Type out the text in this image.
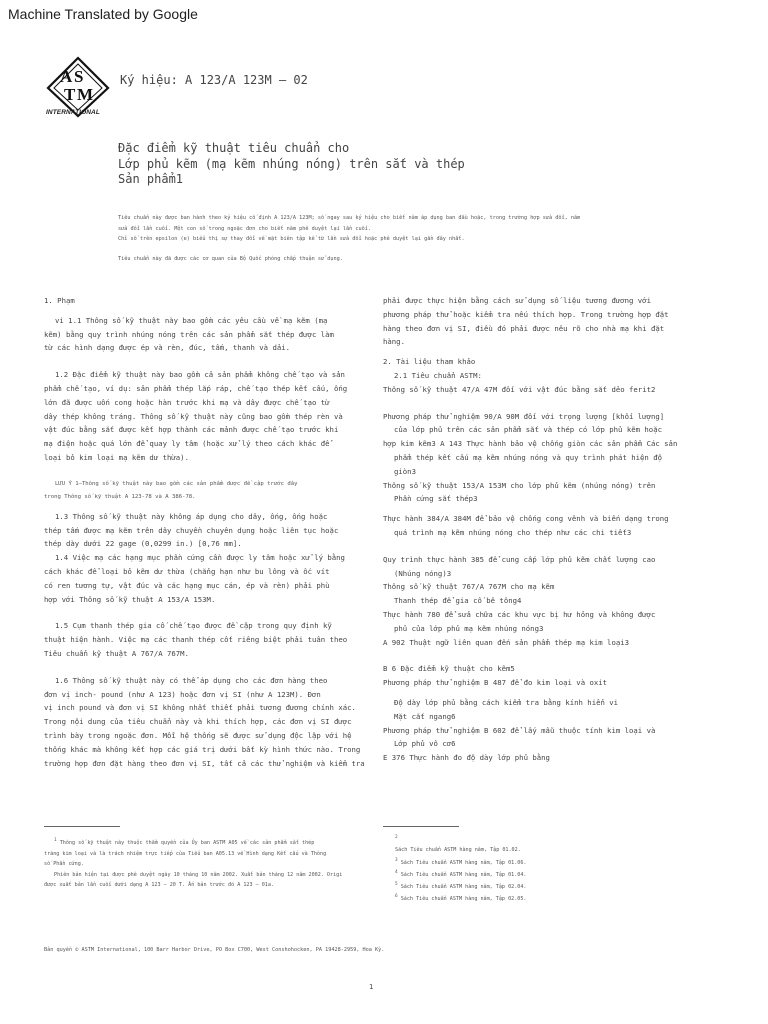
Machine Translated by Google
A S
T M
INTERNATIONAL
Ký hiệu: A 123/A 123M – 02
Đặc điểm kỹ thuật tiêu chuẩn cho
Lớp phủ kẽm (mạ kẽm nhúng nóng) trên sắt và thép
Sản phẩm1

Tiêu chuẩn này được ban hành theo ký hiệu cố định A 123/A 123M; số ngay sau ký hiệu cho biết năm áp dụng ban đầu hoặc, trong trường hợp sửa đổi, năm

sửa đổi lần cuối. Một con số trong ngoặc đơn cho biết năm phê duyệt lại lần cuối.

Chỉ số trên epsilon (e) biểu thị sự thay đổi về mặt biên tập kể từ lần sửa đổi hoặc phê duyệt lại gần đây nhất.

Tiêu chuẩn này đã được các cơ quan của Bộ Quốc phòng chấp thuận sử dụng.

1. Phạm

vi 1.1 Thông số kỹ thuật này bao gồm các yêu cầu về mạ kẽm (mạ

kẽm) bằng quy trình nhúng nóng trên các sản phẩm sắt thép được làm

từ các hình dạng được ép và rèn, đúc, tấm, thanh và dải.

1.2 Đặc điểm kỹ thuật này bao gồm cả sản phẩm không chế tạo và sản

phẩm chế tạo, ví dụ: sản phẩm thép lắp ráp, chế tạo thép kết cấu, ống

lớn đã được uốn cong hoặc hàn trước khi mạ và dây được chế tạo từ

dây thép không tráng. Thông số kỹ thuật này cũng bao gồm thép rèn và

vật đúc bằng sắt được kết hợp thành các mảnh được chế tạo trước khi

mạ điện hoặc quá lớn để quay ly tâm (hoặc xử lý theo cách khác để

loại bỏ kim loại mạ kẽm dư thừa).

LƯU Ý 1—Thông số kỹ thuật này bao gồm các sản phẩm được đề cập trước đây

trong Thông số kỹ thuật A 123-78 và A 386-78.

1.3 Thông số kỹ thuật này không áp dụng cho dây, ống, ống hoặc

thép tấm được mạ kẽm trên dây chuyền chuyên dụng hoặc liên tục hoặc

thép dày dưới 22 gage (0,0299 in.) [0,76 mm].

1.4 Việc mạ các hạng mục phần cứng cần được ly tâm hoặc xử lý bằng

cách khác để loại bỏ kẽm dư thừa (chẳng hạn như bu lông và ốc vít

có ren tương tự, vật đúc và các hạng mục cán, ép và rèn) phải phù

hợp với Thông số kỹ thuật A 153/A 153M.

1.5 Cụm thanh thép gia cố chế tạo được đề cập trong quy định kỹ

thuật hiện hành. Việc mạ các thanh thép cốt riêng biệt phải tuân theo

Tiêu chuẩn kỹ thuật A 767/A 767M.

1.6 Thông số kỹ thuật này có thể áp dụng cho các đơn hàng theo

đơn vị inch- pound (như A 123) hoặc đơn vị SI (như A 123M). Đơn

vị inch pound và đơn vị SI không nhất thiết phải tương đương chính xác.

Trong nội dung của tiêu chuẩn này và khi thích hợp, các đơn vị SI được

trình bày trong ngoặc đơn. Mỗi hệ thống sẽ được sử dụng độc lập với hệ

thống khác mà không kết hợp các giá trị dưới bất kỳ hình thức nào. Trong

trường hợp đơn đặt hàng theo đơn vị SI, tất cả các thử nghiệm và kiểm tra

phải được thực hiện bằng cách sử dụng số liệu tương đương với

phương pháp thử hoặc kiểm tra nếu thích hợp. Trong trường hợp đặt

hàng theo đơn vị SI, điều đó phải được nêu rõ cho nhà mạ khi đặt

hàng.

2. Tài liệu tham khảo

2.1 Tiêu chuẩn ASTM:

Thông số kỹ thuật 47/A 47M đối với vật đúc bằng sắt dẻo ferit2

Phương pháp thử nghiệm 90/A 90M đối với trọng lượng [khối lượng]

của lớp phủ trên các sản phẩm sắt và thép có lớp phủ kẽm hoặc

hợp kim kẽm3 A 143 Thực hành bảo vệ chống giòn các sản phẩm Các sản

phẩm thép kết cấu mạ kẽm nhúng nóng và quy trình phát hiện độ

giòn3

Thông số kỹ thuật 153/A 153M cho lớp phủ kẽm (nhúng nóng) trên

Phần cứng sắt thép3

Thực hành 384/A 384M để bảo vệ chống cong vênh và biến dạng trong

quá trình mạ kẽm nhúng nóng cho thép như các chi tiết3

Quy trình thực hành 385 để cung cấp lớp phủ kẽm chất lượng cao

(Nhúng nóng)3

Thông số kỹ thuật 767/A 767M cho mạ kẽm

Thanh thép để gia cố bê tông4

Thực hành 780 để sửa chữa các khu vực bị hư hỏng và không được

phủ của lớp phủ mạ kẽm nhúng nóng3

A 902 Thuật ngữ liên quan đến sản phẩm thép mạ kim loại3

B 6 Đặc điểm kỹ thuật cho kẽm5

Phương pháp thử nghiệm B 487 để đo kim loại và oxit

Độ dày lớp phủ bằng cách kiểm tra bằng kính hiển vi

Mặt cắt ngang6

Phương pháp thử nghiệm B 602 để lấy mẫu thuộc tính kim loại và

Lớp phủ vô cơ6

E 376 Thực hành đo độ dày lớp phủ bằng

$^1$ Thông số kỹ thuật này thuộc thẩm quyền của Ủy ban ASTM A05 về các sản phẩm sắt thép

tráng kim loại và là trách nhiệm trực tiếp của Tiểu ban A05.13 về Hình dạng Kết cấu và Thông

số Phần cứng.

Phiên bản hiện tại được phê duyệt ngày 10 tháng 10 năm 2002. Xuất bản tháng 12 năm 2002. Origi

được xuất bản lần cuối dưới dạng A 123 – 20 T. Ấn bản trước đó A 123 – 01a.

$^2$
Sách Tiêu chuẩn ASTM hàng năm, Tập 01.02.

$^3$ Sách Tiêu chuẩn ASTM hàng năm, Tập 01.06.

$^4$ Sách Tiêu chuẩn ASTM hàng năm, Tập 01.04.

$^5$ Sách Tiêu chuẩn ASTM hàng năm, Tập 02.04.

$^6$ Sách Tiêu chuẩn ASTM hàng năm, Tập 02.05.

Bản quyền © ASTM International, 100 Barr Harbor Drive, PO Box C700, West Conshohocken, PA 19428-2959, Hoa Kỳ.
1
